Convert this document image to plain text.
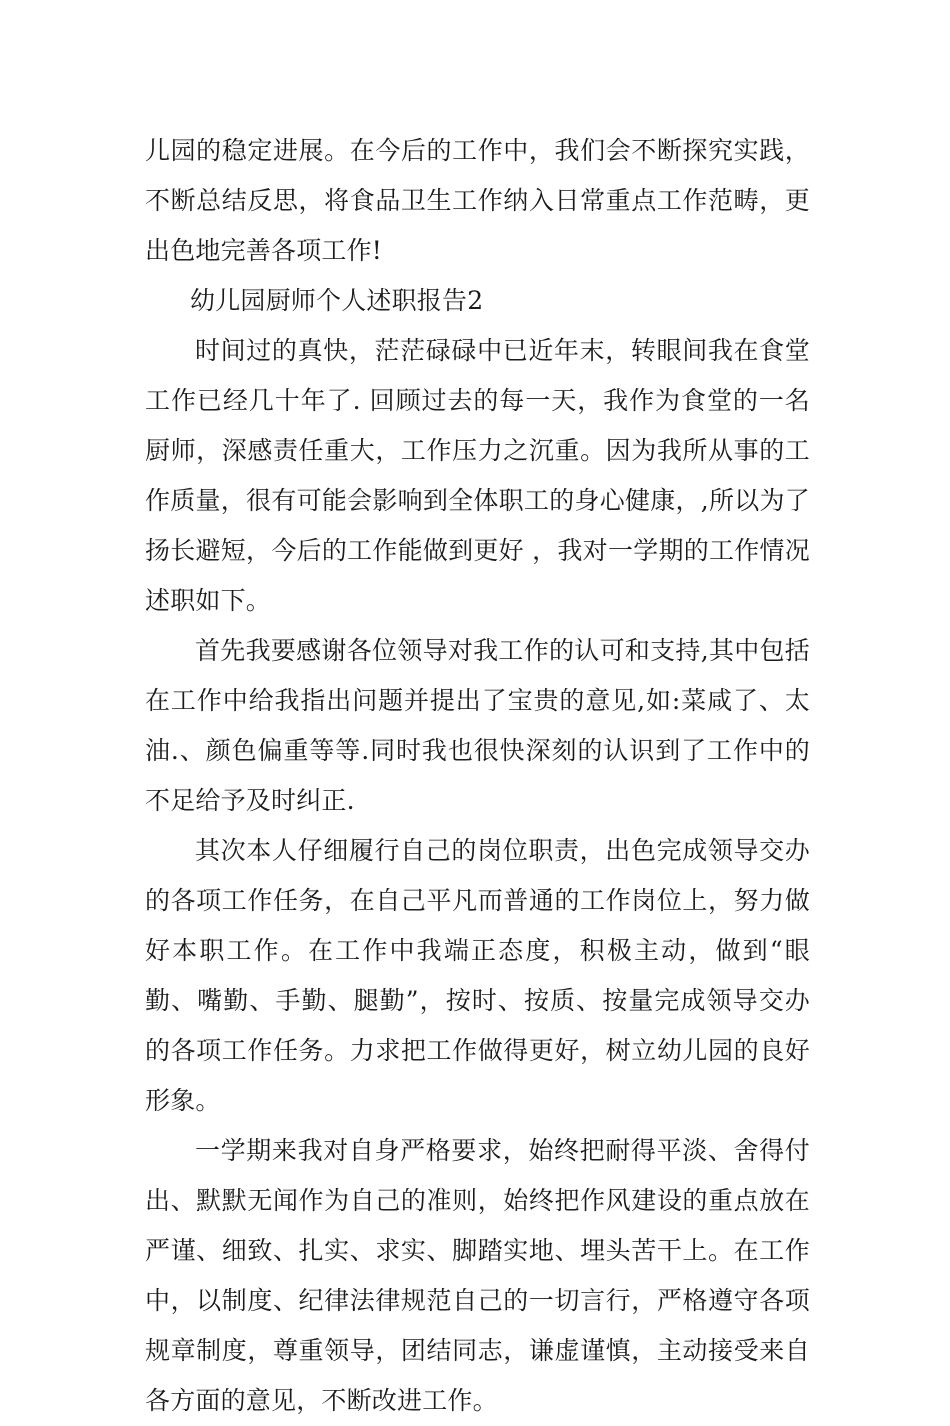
儿园的稳定进展。在今后的工作中，我们会不断探究实践，不断总结反思，将食品卫生工作纳入日常重点工作范畴，更出色地完善各项工作!

幼儿园厨师个人述职报告2

时间过的真快，茫茫碌碌中已近年末，转眼间我在食堂工作已经几十年了. 回顾过去的每一天，我作为食堂的一名厨师，深感责任重大，工作压力之沉重。因为我所从事的工作质量，很有可能会影响到全体职工的身心健康，,所以为了扬长避短，今后的工作能做到更好 ，我对一学期的工作情况述职如下。

首先我要感谢各位领导对我工作的认可和支持,其中包括在工作中给我指出问题并提出了宝贵的意见,如:菜咸了、太油.、颜色偏重等等.同时我也很快深刻的认识到了工作中的不足给予及时纠正.

其次本人仔细履行自己的岗位职责，出色完成领导交办的各项工作任务，在自己平凡而普通的工作岗位上，努力做好本职工作。在工作中我端正态度，积极主动，做到“眼勤、嘴勤、手勤、腿勤”，按时、按质、按量完成领导交办的各项工作任务。力求把工作做得更好，树立幼儿园的良好形象。

一学期来我对自身严格要求，始终把耐得平淡、舍得付出、默默无闻作为自己的准则，始终把作风建设的重点放在严谨、细致、扎实、求实、脚踏实地、埋头苦干上。在工作中，以制度、纪律法律规范自己的一切言行，严格遵守各项规章制度，尊重领导，团结同志，谦虚谨慎，主动接受来自各方面的意见，不断改进工作。
